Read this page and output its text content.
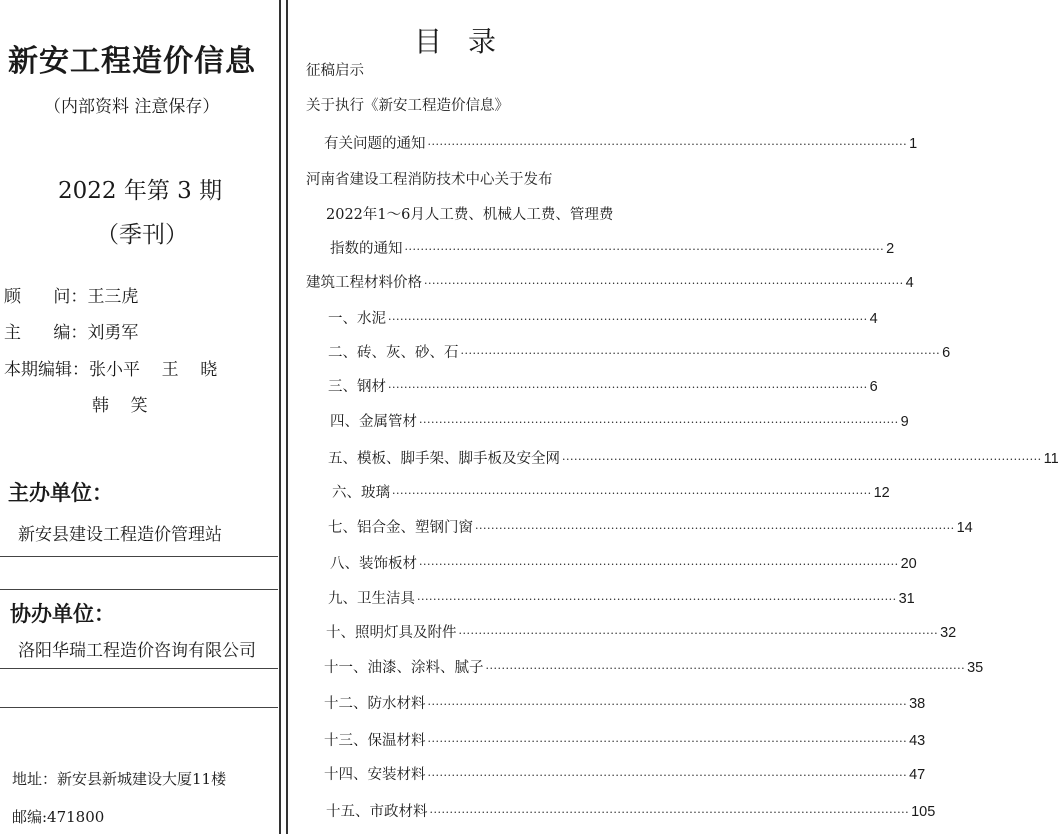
新安工程造价信息
（内部资料 注意保存）
2022 年第 3 期
（季刊）
顾      问：王三虎
主      编：刘勇军
本期编辑：张小平    王    晓
韩    笑
主办单位：
新安县建设工程造价管理站
协办单位：
洛阳华瑞工程造价咨询有限公司
地址：新安县新城建设大厦11楼
邮编:471800
目录
征稿启示
关于执行《新安工程造价信息》
有关问题的通知 ························································································································ 1
河南省建设工程消防技术中心关于发布
2022年1～6月人工费、机械人工费、管理费
指数的通知 ························································································································ 2
建筑工程材料价格 ························································································································ 4
一、水泥 ························································································································ 4
二、砖、灰、砂、石 ························································································································ 6
三、钢材 ························································································································ 6
四、金属管材 ························································································································ 9
五、模板、脚手架、脚手板及安全网 ························································································································ 11
六、玻璃 ························································································································ 12
七、铝合金、塑钢门窗 ························································································································ 14
八、装饰板材 ························································································································ 20
九、卫生洁具 ························································································································ 31
十、照明灯具及附件 ························································································································ 32
十一、油漆、涂料、腻子 ························································································································ 35
十二、防水材料 ························································································································ 38
十三、保温材料 ························································································································ 43
十四、安装材料 ························································································································ 47
十五、市政材料 ························································································································ 105
